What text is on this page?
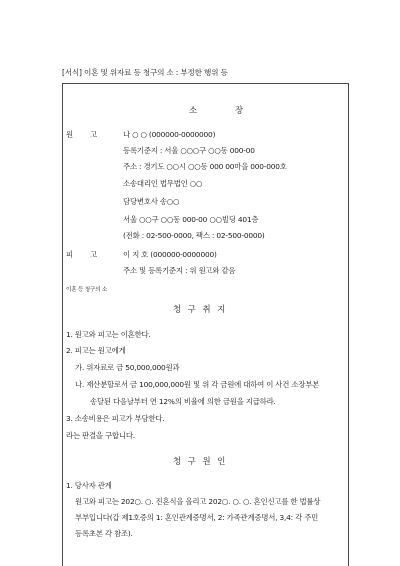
[서식] 이혼 및 위자료 등 청구의 소 : 부정한 행위 등
소	장
원 고	나 ○ ○ (000000-0000000)
등록기준지 : 서울 ○○○구 ○○동 000-00
주소 : 경기도 ○○시 ○○동 000 00마을 000-000호
소송대리인 법무법인 ○○
담당변호사 송○○
서울 ○○구 ○○동 000-00 ○○빌딩 401층
(전화 : 02-500-0000, 팩스 : 02-500-0000)
피 고	이 지 호 (000000-0000000)
주소 및 등록기준지 : 위 원고와 같음
이혼 등 청구의 소
청 구 취 지
1. 원고와 피고는 이혼한다.
2. 피고는 원고에게
가. 위자료로 금 50,000,000원과
나. 재산분할로서 금 100,000,000원 및 위 각 금원에 대하여 이 사건 소장부본
송달된 다음날부터 연 12%의 비율에 의한 금원을 지급하라.
3. 소송비용은 피고가 부담한다.
라는 판결을 구합니다.
청 구 원 인
1. 당사자 관계
원고와 피고는 202○. ○. 진혼식을 올리고 202○. ○. ○. 혼인신고를 한 법률상
부부입니다(갑 제1호증의 1: 혼인관계증명서, 2: 가족관계증명서, 3,4: 각 주민
등록초본 각 참조).
